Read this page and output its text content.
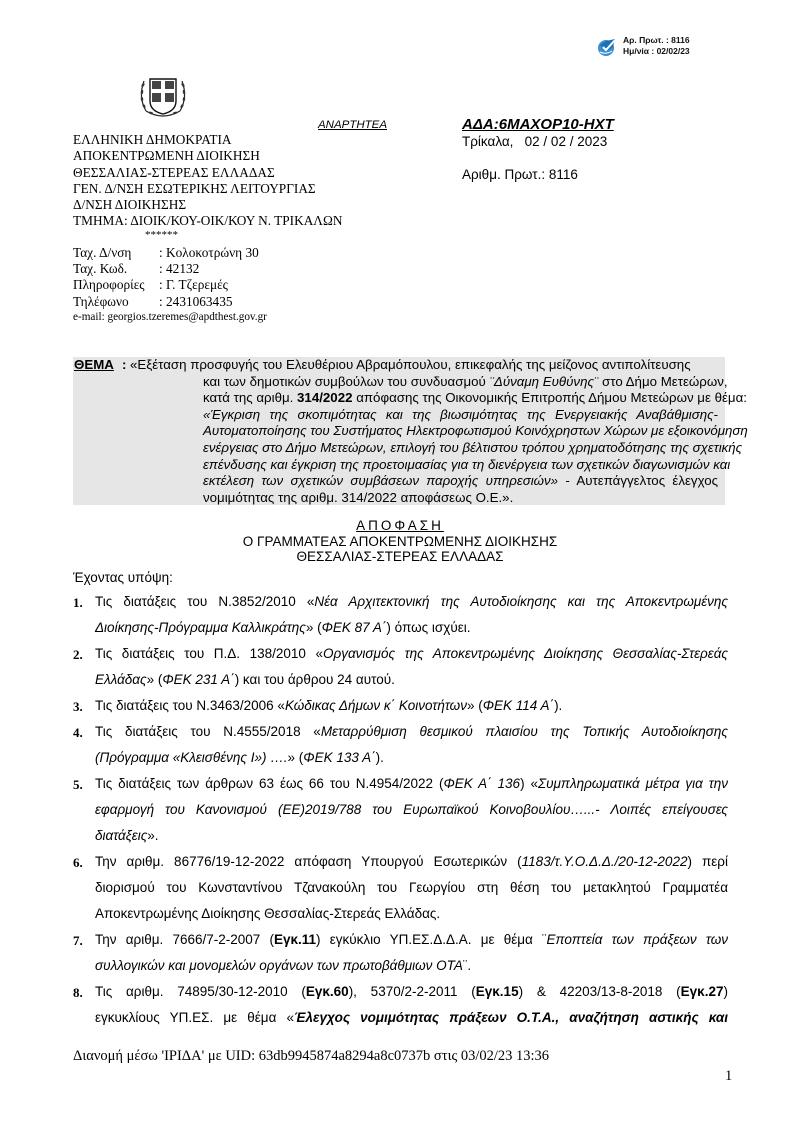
Αρ. Πρωτ. : 8116
Ημ/νία : 02/02/23
ΕΛΛΗΝΙΚΗ ΔΗΜΟΚΡΑΤΙΑ
ΑΠΟΚΕΝΤΡΩΜΕΝΗ ΔΙΟΙΚΗΣΗ
ΘΕΣΣΑΛΙΑΣ-ΣΤΕΡΕΑΣ ΕΛΛΑΔΑΣ
ΓΕΝ. Δ/ΝΣΗ ΕΣΩΤΕΡΙΚΗΣ ΛΕΙΤΟΥΡΓΙΑΣ
Δ/ΝΣΗ ΔΙΟΙΚΗΣΗΣ
ΤΜΗΜΑ: ΔΙΟΙΚ/ΚΟΥ-ΟΙΚ/ΚΟΥ Ν. ΤΡΙΚΑΛΩΝ
******
Ταχ. Δ/νση : Κολοκοτρώνη 30
Ταχ. Κωδ. : 42132
Πληροφορίες : Γ. Τζερεμές
Τηλέφωνο : 2431063435
e-mail: georgios.tzeremes@apdthest.gov.gr
ΑΝΑΡΤΗΤΕΑ	ΑΔΑ:6ΜΑΧΟΡ10-ΗΧΤ
Τρίκαλα,   02 / 02 / 2023
Αριθμ. Πρωτ.: 8116
ΘΕΜΑ : «Εξέταση προσφυγής του Ελευθέριου Αβραμόπουλου, επικεφαλής της μείζονος αντιπολίτευσης
και των δημοτικών συμβούλων του συνδυασμού ¨Δύναμη Ευθύνης¨ στο Δήμο Μετεώρων,
κατά της αριθμ. 314/2022 απόφασης της Οικονομικής Επιτροπής Δήμου Μετεώρων με θέμα:
«Έγκριση της σκοπιμότητας και της βιωσιμότητας της Ενεργειακής Αναβάθμισης-
Αυτοματοποίησης του Συστήματος Ηλεκτροφωτισμού Κοινόχρηστων Χώρων με εξοικονόμηση
ενέργειας στο Δήμο Μετεώρων, επιλογή του βέλτιστου τρόπου χρηματοδότησης της σχετικής
επένδυσης και έγκριση της προετοιμασίας για τη διενέργεια των σχετικών διαγωνισμών και
εκτέλεση των σχετικών συμβάσεων παροχής υπηρεσιών» - Αυτεπάγγελτος έλεγχος
νομιμότητας της αριθμ. 314/2022 αποφάσεως Ο.Ε.».
ΑΠΟΦΑΣΗ
Ο ΓΡΑΜΜΑΤΕΑΣ ΑΠΟΚΕΝΤΡΩΜΕΝΗΣ ΔΙΟΙΚΗΣΗΣ
ΘΕΣΣΑΛΙΑΣ-ΣΤΕΡΕΑΣ ΕΛΛΑΔΑΣ
Έχοντας υπόψη:
1. Τις διατάξεις του Ν.3852/2010 «Νέα Αρχιτεκτονική της Αυτοδιοίκησης και της Αποκεντρωμένης
Διοίκησης-Πρόγραμμα Καλλικράτης» (ΦΕΚ 87 Α΄) όπως ισχύει.
2. Τις διατάξεις του Π.Δ. 138/2010 «Οργανισμός της Αποκεντρωμένης Διοίκησης Θεσσαλίας-Στερεάς
Ελλάδας» (ΦΕΚ 231 Α΄) και του άρθρου 24 αυτού.
3. Τις διατάξεις του Ν.3463/2006 «Κώδικας Δήμων κ΄ Κοινοτήτων» (ΦΕΚ 114 Α΄).
4. Τις διατάξεις του Ν.4555/2018 «Μεταρρύθμιση θεσμικού πλαισίου της Τοπικής Αυτοδιοίκησης
(Πρόγραμμα «Κλεισθένης Ι») ….» (ΦΕΚ 133 Α΄).
5. Τις διατάξεις των άρθρων 63 έως 66 του Ν.4954/2022 (ΦΕΚ Α΄ 136) «Συμπληρωματικά μέτρα για την
εφαρμογή του Κανονισμού (ΕΕ)2019/788 του Ευρωπαϊκού Κοινοβουλίου…...- Λοιπές επείγουσες
διατάξεις».
6. Την αριθμ. 86776/19-12-2022 απόφαση Υπουργού Εσωτερικών (1183/τ.Υ.Ο.Δ.Δ./20-12-2022) περί
διορισμού του Κωνσταντίνου Τζανακούλη του Γεωργίου στη θέση του μετακλητού Γραμματέα
Αποκεντρωμένης Διοίκησης Θεσσαλίας-Στερεάς Ελλάδας.
7. Την αριθμ. 7666/7-2-2007 (Εγκ.11) εγκύκλιο ΥΠ.ΕΣ.Δ.Δ.Α. με θέμα ¨Εποπτεία των πράξεων των
συλλογικών και μονομελών οργάνων των πρωτοβάθμιων ΟΤΑ¨.
8. Τις αριθμ. 74895/30-12-2010 (Εγκ.60), 5370/2-2-2011 (Εγκ.15) & 42203/13-8-2018 (Εγκ.27)
εγκυκλίους ΥΠ.ΕΣ. με θέμα «Έλεγχος νομιμότητας πράξεων Ο.Τ.Α., αναζήτηση αστικής και
Διανομή μέσω 'ΙΡΙΔΑ' με UID: 63db9945874a8294a8c0737b στις 03/02/23 13:36
1
